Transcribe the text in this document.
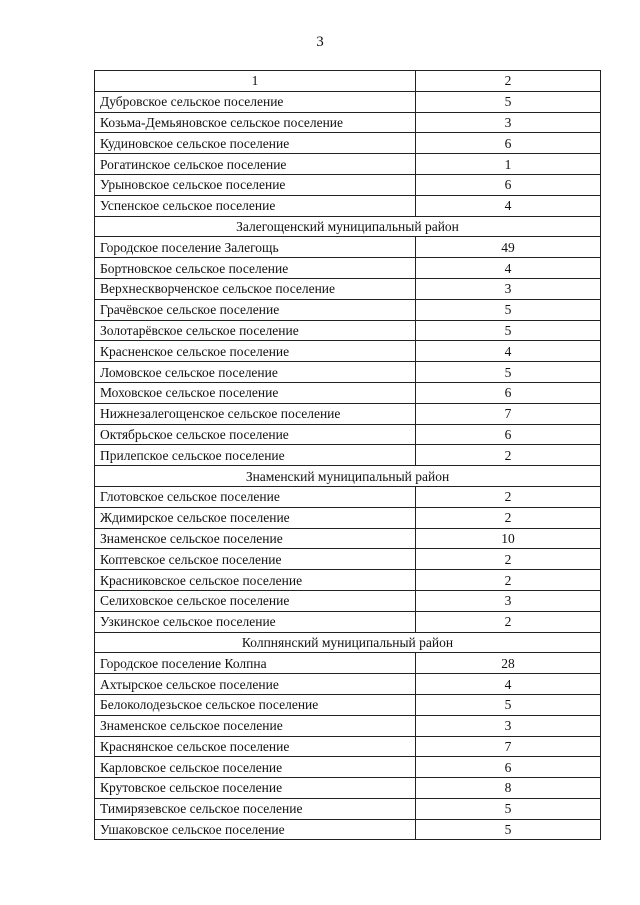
3
1	2
Дубровское сельское поселение	5
Козьма-Демьяновское сельское поселение	3
Кудиновское сельское поселение	6
Рогатинское сельское поселение	1
Урыновское сельское поселение	6
Успенское сельское поселение	4
Залегощенский муниципальный район	
Городское поселение Залегощь	49
Бортновское сельское поселение	4
Верхнескворченское сельское поселение	3
Грачёвское сельское поселение	5
Золотарёвское сельское поселение	5
Красненское сельское поселение	4
Ломовское сельское поселение	5
Моховское сельское поселение	6
Нижнезалегощенское сельское поселение	7
Октябрьское сельское поселение	6
Прилепское сельское поселение	2
Знаменский муниципальный район	
Глотовское сельское поселение	2
Ждимирское сельское поселение	2
Знаменское сельское поселение	10
Коптевское сельское поселение	2
Красниковское сельское поселение	2
Селиховское сельское поселение	3
Узкинское сельское поселение	2
Колпнянский муниципальный район	
Городское поселение Колпна	28
Ахтырское сельское поселение	4
Белоколодезьское сельское поселение	5
Знаменское сельское поселение	3
Краснянское сельское поселение	7
Карловское сельское поселение	6
Крутовское сельское поселение	8
Тимирязевское сельское поселение	5
Ушаковское сельское поселение	5
